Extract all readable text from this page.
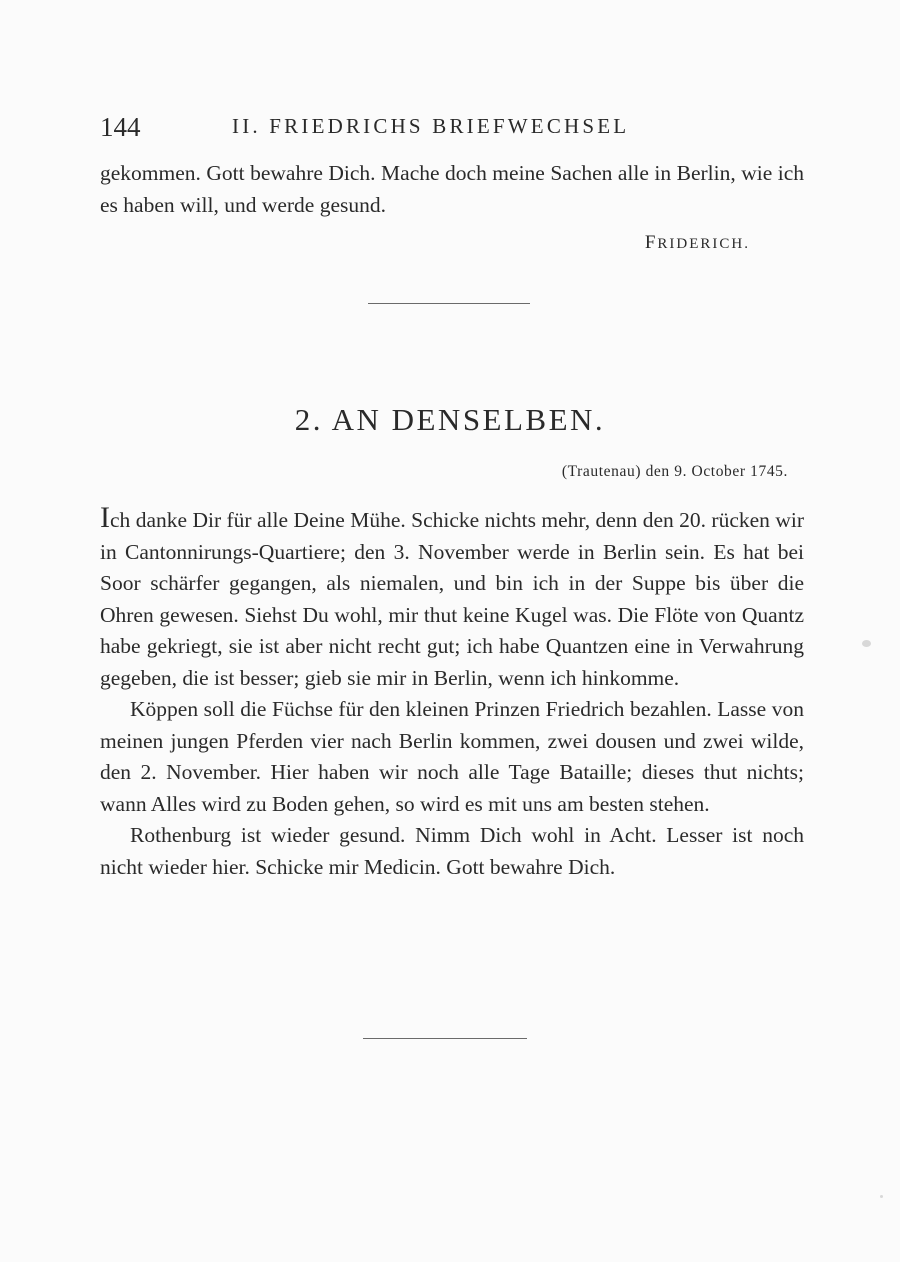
144	II. FRIEDRICHS BRIEFWECHSEL

gekommen. Gott bewahre Dich. Mache doch meine Sachen alle in Berlin, wie ich es haben will, und werde gesund.

FRIDERICH.
2. AN DENSELBEN.
(Trautenau) den 9. October 1745.

Ich danke Dir für alle Deine Mühe. Schicke nichts mehr, denn den 20. rücken wir in Cantonnirungs-Quartiere; den 3. November werde in Berlin sein. Es hat bei Soor schärfer gegangen, als niemalen, und bin ich in der Suppe bis über die Ohren gewesen. Siehst Du wohl, mir thut keine Kugel was. Die Flöte von Quantz habe gekriegt, sie ist aber nicht recht gut; ich habe Quantzen eine in Verwahrung gegeben, die ist besser; gieb sie mir in Berlin, wenn ich hinkomme.

Köppen soll die Füchse für den kleinen Prinzen Friedrich bezahlen. Lasse von meinen jungen Pferden vier nach Berlin kommen, zwei dousen und zwei wilde, den 2. November. Hier haben wir noch alle Tage Bataille; dieses thut nichts; wann Alles wird zu Boden gehen, so wird es mit uns am besten stehen.

Rothenburg ist wieder gesund. Nimm Dich wohl in Acht. Lesser ist noch nicht wieder hier. Schicke mir Medicin. Gott bewahre Dich.
